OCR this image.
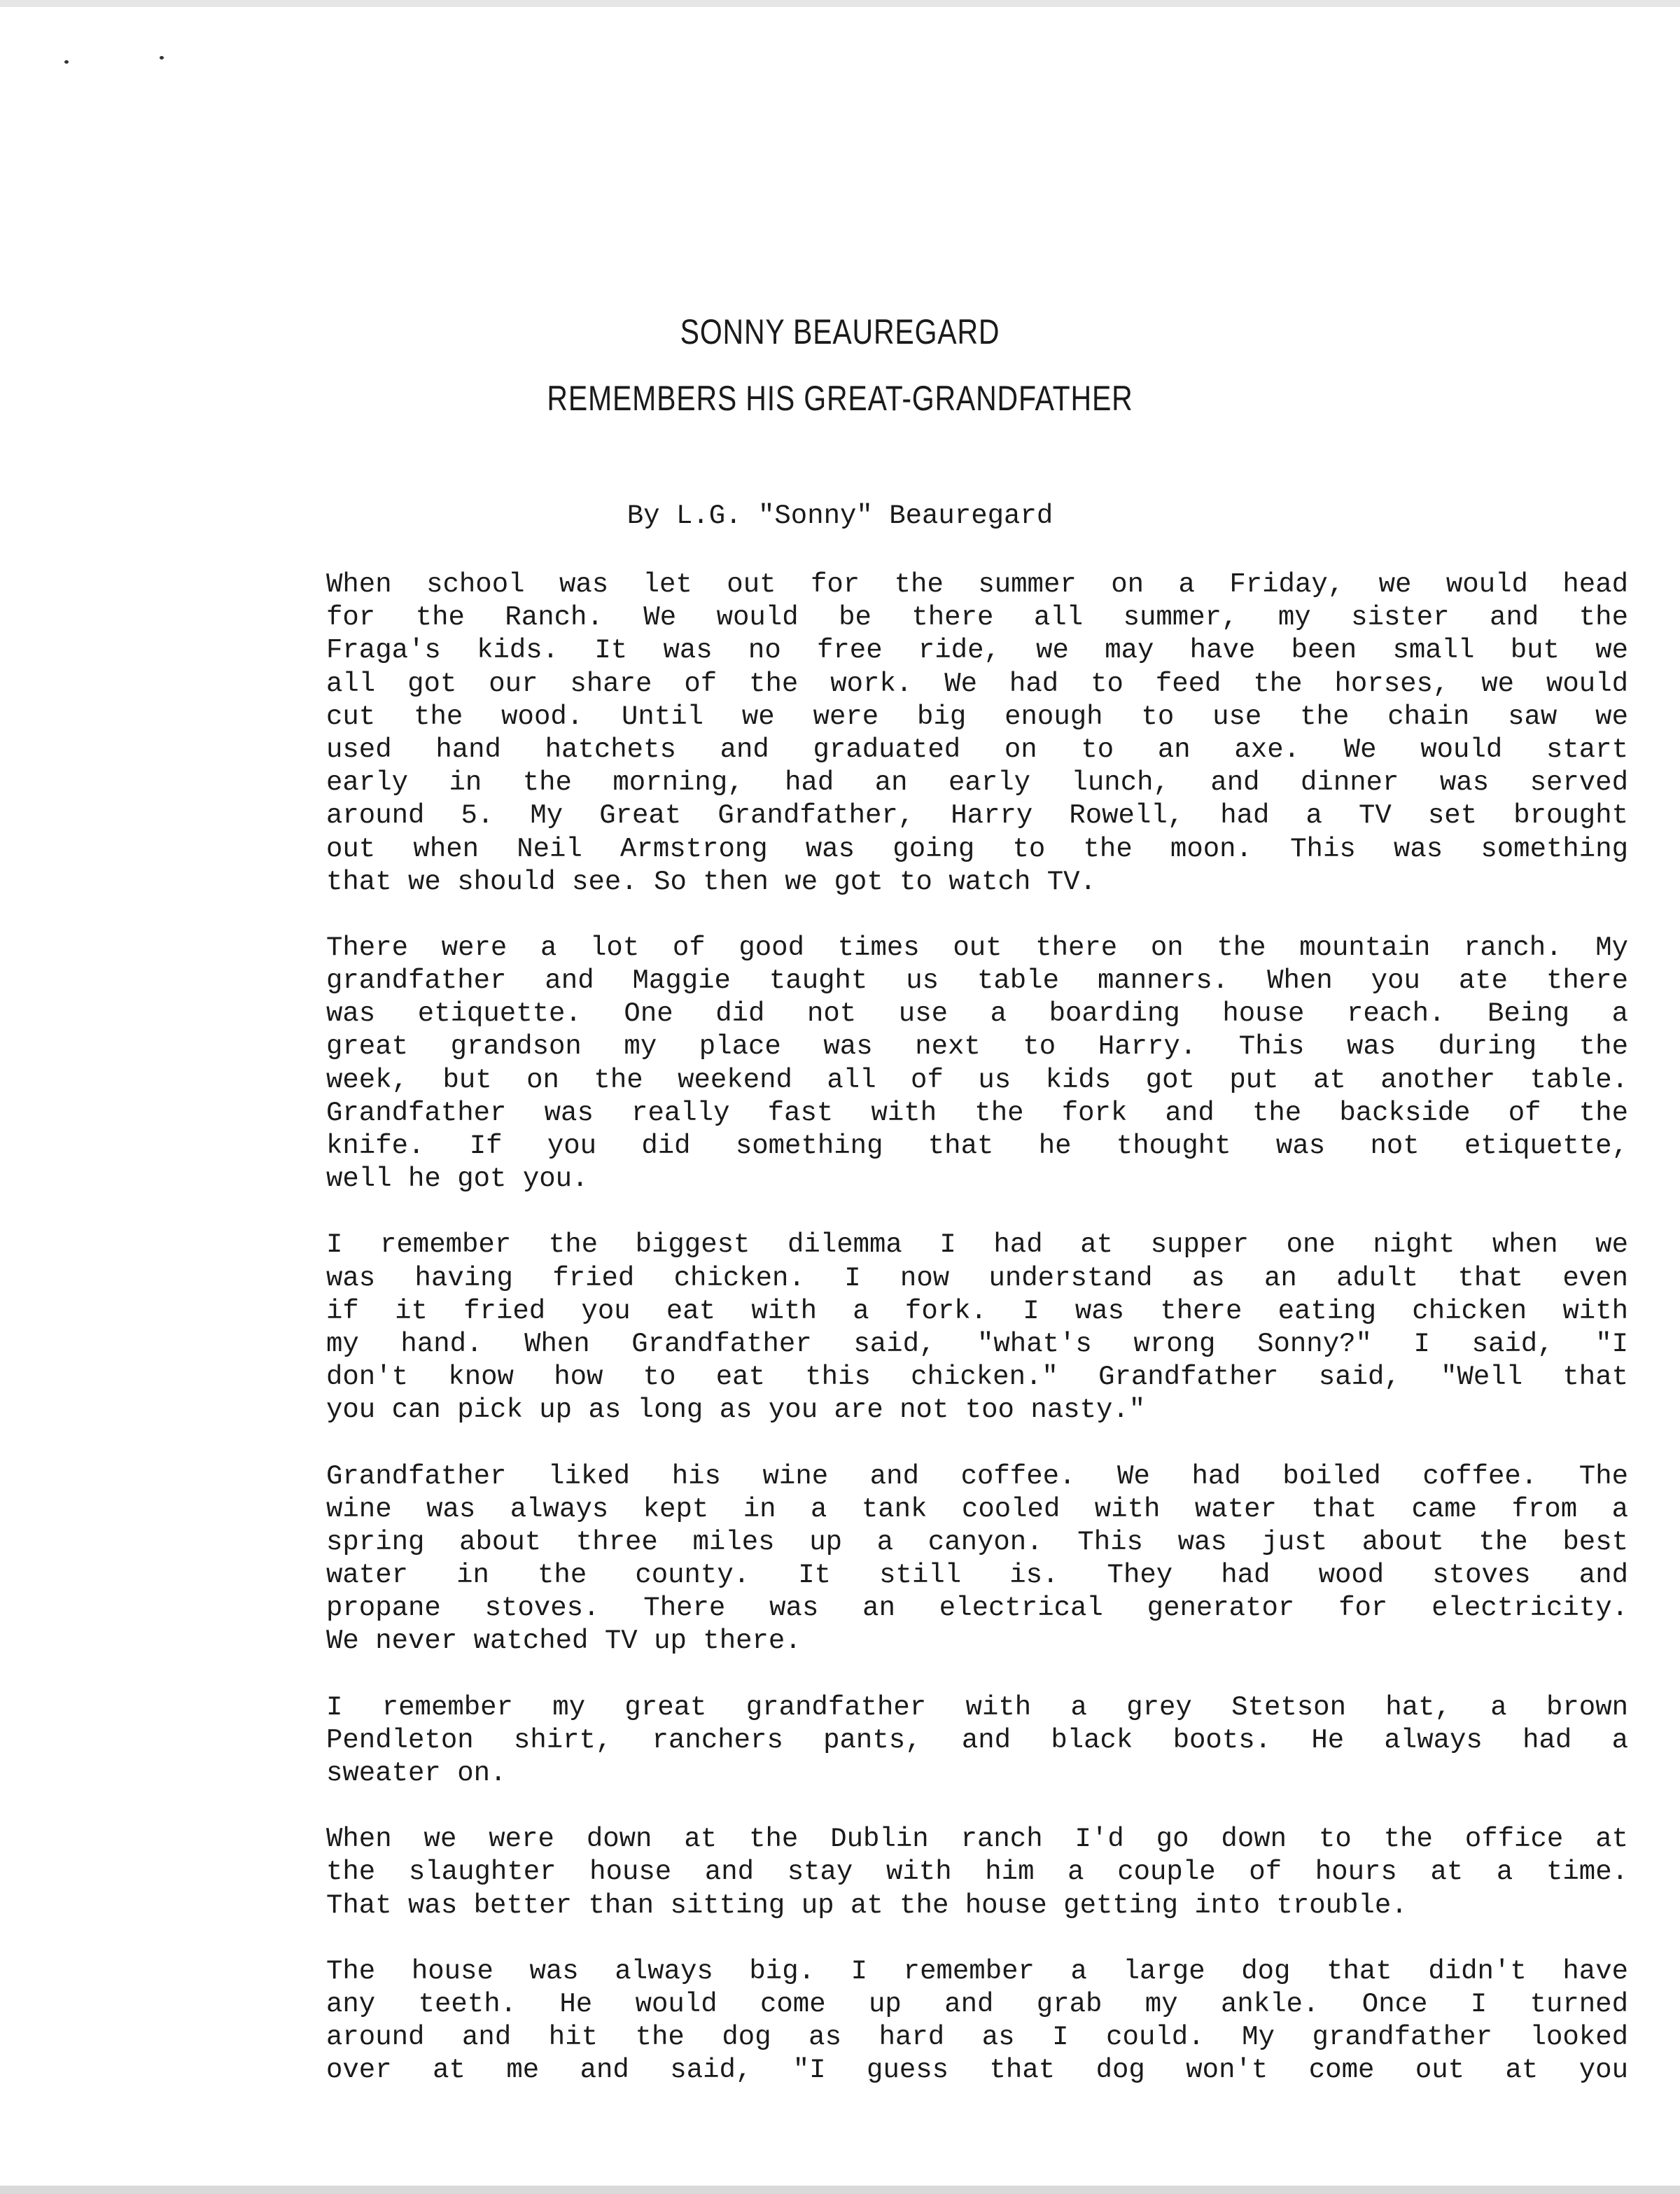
SONNY BEAUREGARD
REMEMBERS HIS GREAT-GRANDFATHER
By L.G. "Sonny" Beauregard
When school was let out for the summer on a Friday, we would head
for the Ranch. We would be there all summer, my sister and the
Fraga's kids. It was no free ride, we may have been small but we
all got our share of the work. We had to feed the horses, we would
cut the wood. Until we were big enough to use the chain saw we
used hand hatchets and graduated on to an axe. We would start
early in the morning, had an early lunch, and dinner was served
around 5. My Great Grandfather, Harry Rowell, had a TV set brought
out when Neil Armstrong was going to the moon. This was something
that we should see. So then we got to watch TV.
There were a lot of good times out there on the mountain ranch. My
grandfather and Maggie taught us table manners. When you ate there
was etiquette. One did not use a boarding house reach. Being a
great grandson my place was next to Harry. This was during the
week, but on the weekend all of us kids got put at another table.
Grandfather was really fast with the fork and the backside of the
knife. If you did something that he thought was not etiquette,
well he got you.
I remember the biggest dilemma I had at supper one night when we
was having fried chicken. I now understand as an adult that even
if it fried you eat with a fork. I was there eating chicken with
my hand. When Grandfather said, "what's wrong Sonny?" I said, "I
don't know how to eat this chicken." Grandfather said, "Well that
you can pick up as long as you are not too nasty."
Grandfather liked his wine and coffee. We had boiled coffee. The
wine was always kept in a tank cooled with water that came from a
spring about three miles up a canyon. This was just about the best
water in the county. It still is. They had wood stoves and
propane stoves. There was an electrical generator for electricity.
We never watched TV up there.
I remember my great grandfather with a grey Stetson hat, a brown
Pendleton shirt, ranchers pants, and black boots. He always had a
sweater on.
When we were down at the Dublin ranch I'd go down to the office at
the slaughter house and stay with him a couple of hours at a time.
That was better than sitting up at the house getting into trouble.
The house was always big. I remember a large dog that didn't have
any teeth. He would come up and grab my ankle. Once I turned
around and hit the dog as hard as I could. My grandfather looked
over at me and said, "I guess that dog won't come out at you
